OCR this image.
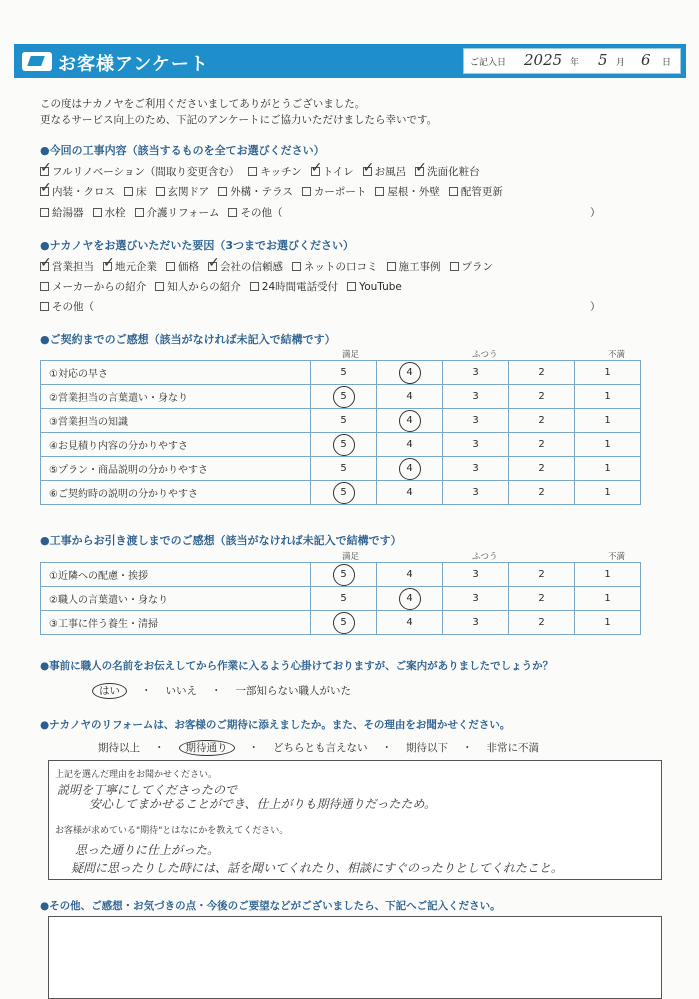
お客様アンケート	ご記入日 2025 年 5 月 6 日
この度はナカノヤをご利用くださいましてありがとうございました。
更なるサービス向上のため、下記のアンケートにご協力いただけましたら幸いです。
●今回の工事内容（該当するものを全てお選びください）
✓フルリノベーション（間取り変更含む） キッチン ✓ トイレ ✓ お風呂 ✓ 洗面化粧台
✓内装・クロス 床 玄関ドア 外構・テラス カーポート 屋根・外壁 配管更新
給湯器 水栓 介護リフォーム その他（	）
●ナカノヤをお選びいただいた要因（3つまでお選びください）
✓営業担当 ✓ 地元企業 価格 ✓ 会社の信頼感 ネットの口コミ 施工事例 プラン
メーカーからの紹介 知人からの紹介 24時間電話受付 YouTube
その他（	）
●ご契約までのご感想（該当がなければ未記入で結構です）
満足	ふつう	不満
①対応の早さ	5	4	3	2	1
②営業担当の言葉遣い・身なり	5	4	3	2	1
③営業担当の知識	5	4	3	2	1
④お見積り内容の分かりやすさ	5	4	3	2	1
⑤プラン・商品説明の分かりやすさ	5	4	3	2	1
⑥ご契約時の説明の分かりやすさ	5	4	3	2	1
●工事からお引き渡しまでのご感想（該当がなければ未記入で結構です）
満足	ふつう	不満
①近隣への配慮・挨拶	5	4	3	2	1
②職人の言葉遣い・身なり	5	4	3	2	1
③工事に伴う養生・清掃	5	4	3	2	1
●事前に職人の名前をお伝えしてから作業に入るよう心掛けておりますが、ご案内がありましたでしょうか？
はい ・ いいえ ・ 一部知らない職人がいた
●ナカノヤのリフォームは、お客様のご期待に添えましたか。また、その理由をお聞かせください。
期待以上 ・ 期待通り ・ どちらとも言えない ・ 期待以下 ・ 非常に不満
上記を選んだ理由をお聞かせください。
説明を丁寧にしてくださったので
安心してまかせることができ、仕上がりも期待通りだったため。
お客様が求めている"期待"とはなにかを教えてください。
思った通りに仕上がった。
疑問に思ったりした時には、話を聞いてくれたり、相談にすぐのったりとしてくれたこと。
●その他、ご感想・お気づきの点・今後のご要望などがございましたら、下記へご記入ください。
